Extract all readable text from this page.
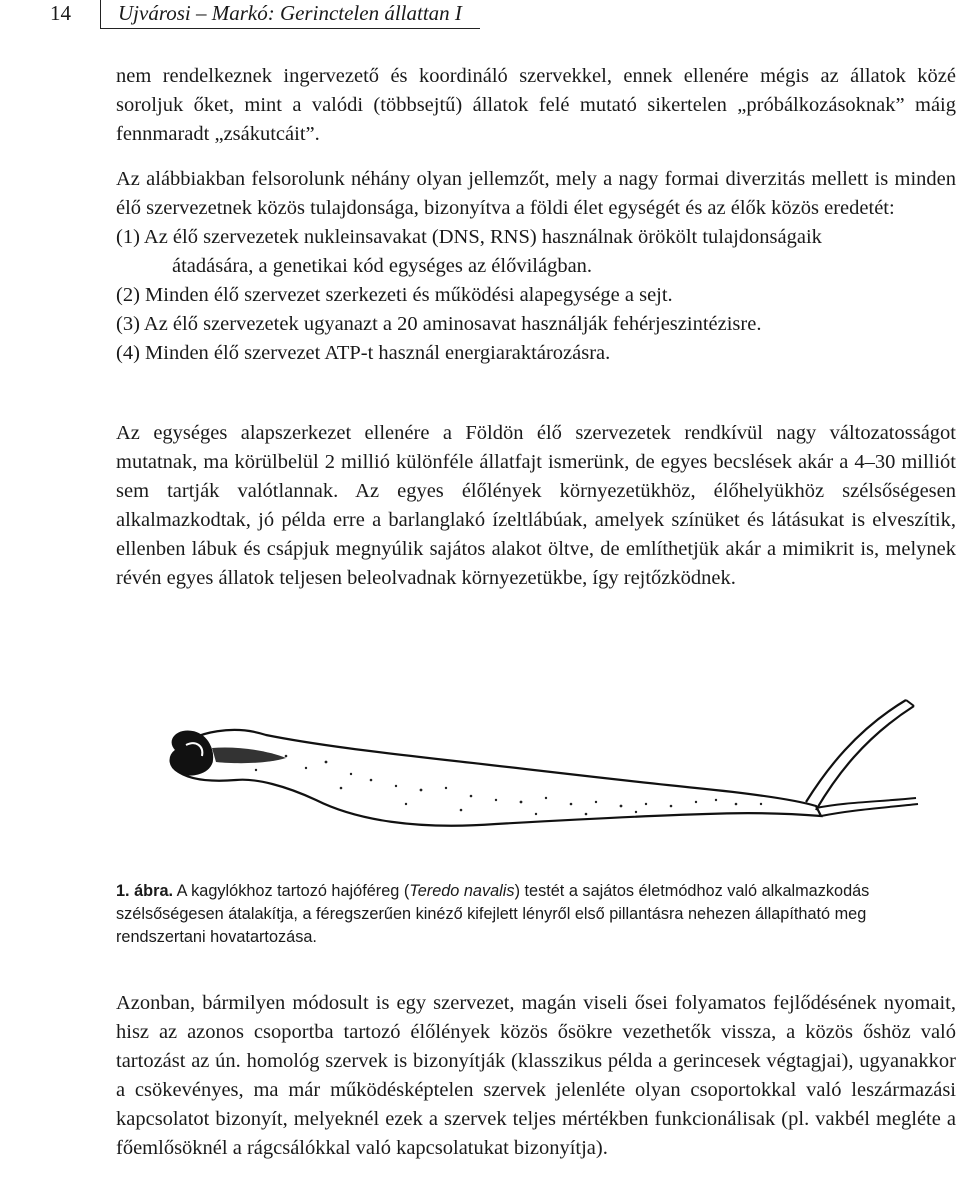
14 Ujvárosi – Markó: Gerinctelen állattan I

nem rendelkeznek ingervezető és koordináló szervekkel, ennek ellenére mégis az állatok közé soroljuk őket, mint a valódi (többsejtű) állatok felé mutató sikertelen „próbálkozásoknak” máig fennmaradt „zsákutcáit”.

Az alábbiakban felsorolunk néhány olyan jellemzőt, mely a nagy formai diverzitás mellett is minden élő szervezetnek közös tulajdonsága, bizonyítva a földi élet egységét és az élők közös eredetét:

(1) Az élő szervezetek nukleinsavakat (DNS, RNS) használnak örökölt tulajdonságaik
átadására, a genetikai kód egységes az élővilágban.
(2) Minden élő szervezet szerkezeti és működési alapegysége a sejt.
(3) Az élő szervezetek ugyanazt a 20 aminosavat használják fehérjeszintézisre.
(4) Minden élő szervezet ATP-t használ energiaraktározásra.

Az egységes alapszerkezet ellenére a Földön élő szervezetek rendkívül nagy változatosságot mutatnak, ma körülbelül 2 millió különféle állatfajt ismerünk, de egyes becslések akár a 4–30 milliót sem tartják valótlannak. Az egyes élőlények környezetükhöz, élőhelyükhöz szélsőségesen alkalmazkodtak, jó példa erre a barlanglakó ízeltlábúak, amelyek színüket és látásukat is elveszítik, ellenben lábuk és csápjuk megnyúlik sajátos alakot öltve, de említhetjük akár a mimikrit is, melynek révén egyes állatok teljesen beleolvadnak környezetükbe, így rejtőzködnek.

1. ábra. A kagylókhoz tartozó hajóféreg (Teredo navalis) testét a sajátos életmódhoz való alkalmazkodás szélsőségesen átalakítja, a féregszerűen kinéző kifejlett lényről első pillantásra nehezen állapítható meg rendszertani hovatartozása.

Azonban, bármilyen módosult is egy szervezet, magán viseli ősei folyamatos fejlődésének nyomait, hisz az azonos csoportba tartozó élőlények közös ősökre vezethetők vissza, a közös őshöz való tartozást az ún. homológ szervek is bizonyítják (klasszikus példa a gerincesek végtagjai), ugyanakkor a csökevényes, ma már működésképtelen szervek jelenléte olyan csoportokkal való leszármazási kapcsolatot bizonyít, melyeknél ezek a szervek teljes mértékben funkcionálisak (pl. vakbél megléte a főemlősöknél a rágcsálókkal való kapcsolatukat bizonyítja).
